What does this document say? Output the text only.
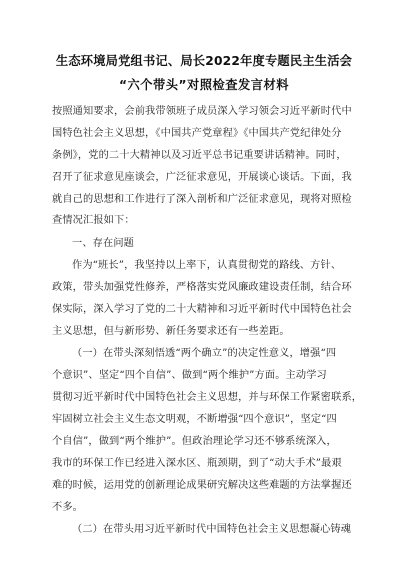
生态环境局党组书记、局长2022年度专题民主生活会
“六个带头”对照检查发言材料
按照通知要求，会前我带领班子成员深入学习领会习近平新时代中
国特色社会主义思想，《中国共产党章程》《中国共产党纪律处分
条例》，党的二十大精神以及习近平总书记重要讲话精神。同时，
召开了征求意见座谈会，广泛征求意见，开展谈心谈话。下面，我
就自己的思想和工作进行了深入剖析和广泛征求意见，现将对照检
查情况汇报如下：
一、存在问题
作为“班长”，我坚持以上率下，认真贯彻党的路线、方针、
政策，带头加强党性修养，严格落实党风廉政建设责任制，结合环
保实际，深入学习了党的二十大精神和习近平新时代中国特色社会
主义思想，但与新形势、新任务要求还有一些差距。
（一）在带头深刻悟透“两个确立”的决定性意义，增强“四
个意识”、坚定“四个自信”、做到“两个维护”方面。主动学习
贯彻习近平新时代中国特色社会主义思想，并与环保工作紧密联系，
牢固树立社会主义生态文明观，不断增强“四个意识”，坚定“四
个自信”，做到“两个维护”。但政治理论学习还不够系统深入，
我市的环保工作已经进入深水区、瓶颈期，到了“动大手术”最艰
难的时候，运用党的创新理论成果研究解决这些难题的方法掌握还
不多。
（二）在带头用习近平新时代中国特色社会主义思想凝心铸魂
